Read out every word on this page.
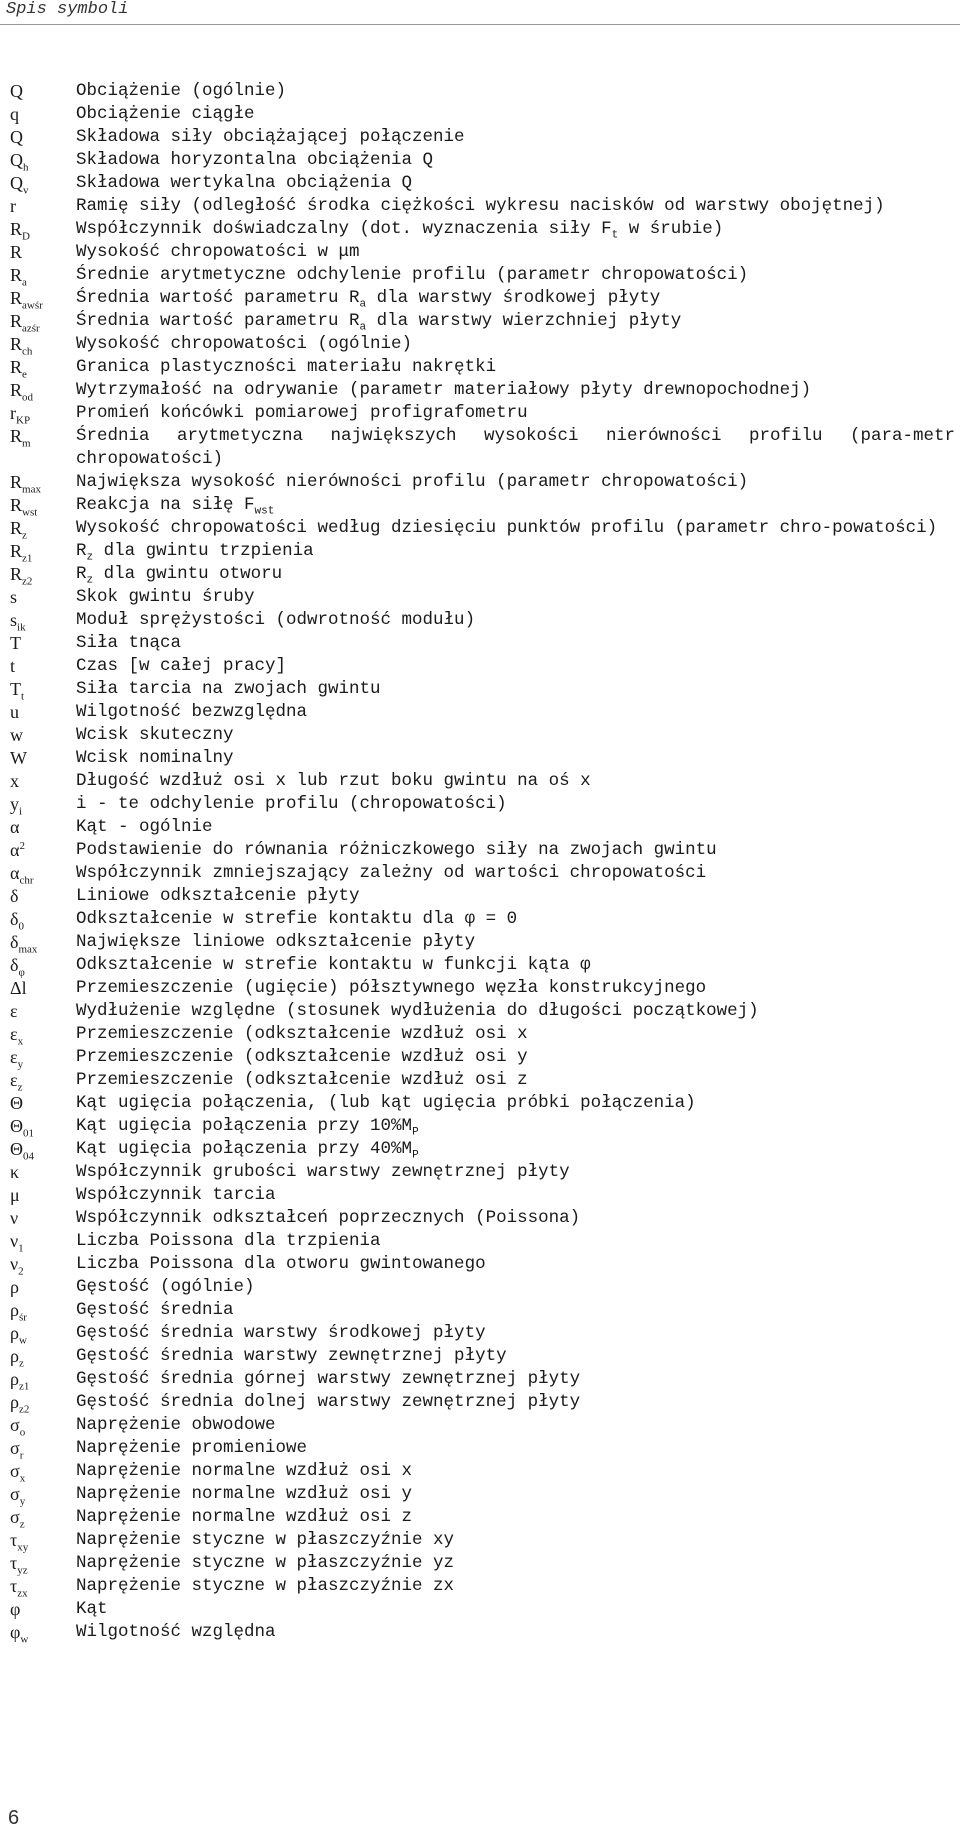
Spis symboli
Q	Obciążenie (ogólnie)
q	Obciążenie ciągłe
Q	Składowa siły obciążającej połączenie
$Q_h$	Składowa horyzontalna obciążenia Q
$Q_v$	Składowa wertykalna obciążenia Q
r	Ramię siły (odległość środka ciężkości wykresu nacisków od warstwy obojętnej)
$R_D$	Współczynnik doświadczalny (dot. wyznaczenia siły $F_t$ w śrubie)
R	Wysokość chropowatości w μm
$R_a$	Średnie arytmetyczne odchylenie profilu (parametr chropowatości)
$R_{awśr}$	Średnia wartość parametru $R_a$ dla warstwy środkowej płyty
$R_{azśr}$	Średnia wartość parametru $R_a$ dla warstwy wierzchniej płyty
$R_{ch}$	Wysokość chropowatości (ogólnie)
$R_e$	Granica plastyczności materiału nakrętki
$R_{od}$	Wytrzymałość na odrywanie (parametr materiałowy płyty drewnopochodnej)
$r_{KP}$	Promień końcówki pomiarowej profigrafometru
$R_m$	Średnia arytmetyczna największych wysokości nierówności profilu (para-metr chropowatości)
$R_{max}$	Największa wysokość nierówności profilu (parametr chropowatości)
$R_{wst}$	Reakcja na siłę $F_{wst}$
$R_z$	Wysokość chropowatości według dziesięciu punktów profilu (parametr chro-powatości)
$R_{z1}$	$R_z$ dla gwintu trzpienia
$R_{z2}$	$R_z$ dla gwintu otworu
s	Skok gwintu śruby
$s_{ik}$	Moduł sprężystości (odwrotność modułu)
T	Siła tnąca
t	Czas [w całej pracy]
$T_t$	Siła tarcia na zwojach gwintu
u	Wilgotność bezwzględna
w	Wcisk skuteczny
W	Wcisk nominalny
x	Długość wzdłuż osi x lub rzut boku gwintu na oś x
$y_i$	i - te odchylenie profilu (chropowatości)
α	Kąt - ogólnie
$\alpha^2$	Podstawienie do równania różniczkowego siły na zwojach gwintu
$\alpha_{chr}$	Współczynnik zmniejszający zależny od wartości chropowatości
δ	Liniowe odkształcenie płyty
$\delta_0$	Odkształcenie w strefie kontaktu dla φ = 0
$\delta_{max}$	Największe liniowe odkształcenie płyty
$\delta_\varphi$	Odkształcenie w strefie kontaktu w funkcji kąta φ
Δl	Przemieszczenie (ugięcie) półsztywnego węzła konstrukcyjnego
ε	Wydłużenie względne (stosunek wydłużenia do długości początkowej)
$\varepsilon_x$	Przemieszczenie (odkształcenie wzdłuż osi x
$\varepsilon_y$	Przemieszczenie (odkształcenie wzdłuż osi y
$\varepsilon_z$	Przemieszczenie (odkształcenie wzdłuż osi z
Θ	Kąt ugięcia połączenia, (lub kąt ugięcia próbki połączenia)
$\Theta_{01}$	Kąt ugięcia połączenia przy $10\%M_P$
$\Theta_{04}$	Kąt ugięcia połączenia przy $40\%M_P$
κ	Współczynnik grubości warstwy zewnętrznej płyty
μ	Współczynnik tarcia
ν	Współczynnik odkształceń poprzecznych (Poissona)
$\nu_1$	Liczba Poissona dla trzpienia
$\nu_2$	Liczba Poissona dla otworu gwintowanego
ρ	Gęstość (ogólnie)
$\rho_{śr}$	Gęstość średnia
$\rho_w$	Gęstość średnia warstwy środkowej płyty
$\rho_z$	Gęstość średnia warstwy zewnętrznej płyty
$\rho_{z1}$	Gęstość średnia górnej warstwy zewnętrznej płyty
$\rho_{z2}$	Gęstość średnia dolnej warstwy zewnętrznej płyty
$\sigma_o$	Naprężenie obwodowe
$\sigma_r$	Naprężenie promieniowe
$\sigma_x$	Naprężenie normalne wzdłuż osi x
$\sigma_y$	Naprężenie normalne wzdłuż osi y
$\sigma_z$	Naprężenie normalne wzdłuż osi z
$\tau_{xy}$	Naprężenie styczne w płaszczyźnie xy
$\tau_{yz}$	Naprężenie styczne w płaszczyźnie yz
$\tau_{zx}$	Naprężenie styczne w płaszczyźnie zx
φ	Kąt
$\varphi_w$	Wilgotność względna
6
